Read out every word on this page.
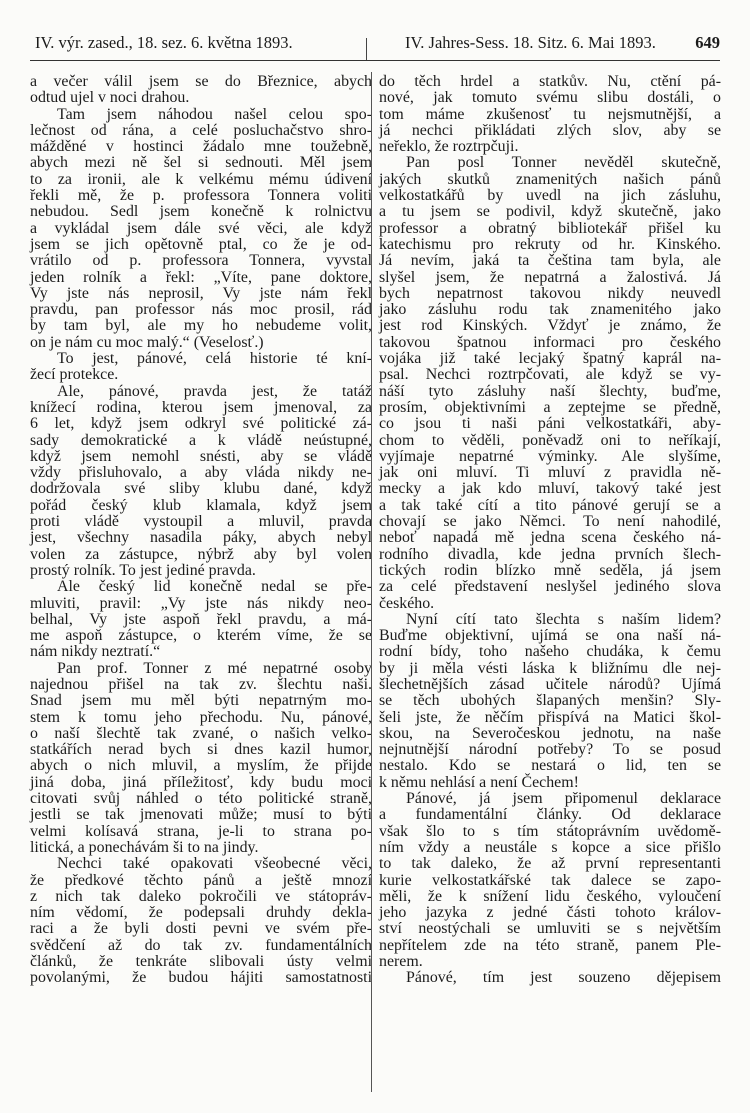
IV. výr. zased., 18. sez. 6. května 1893.	IV. Jahres-Sess. 18. Sitz. 6. Mai 1893. 649
a večer válil jsem se do Březnice, abych
odtud ujel v noci drahou.
Tam jsem náhodou našel celou spo-
lečnost od rána, a celé posluchačstvo shro-
mážděné v hostinci žádalo mne toužebně,
abych mezi ně šel si sednouti. Měl jsem
to za ironii, ale k velkému mému údivení
řekli mě, že p. professora Tonnera voliti
nebudou. Sedl jsem konečně k rolnictvu
a vykládal jsem dále své věci, ale když
jsem se jich opětovně ptal, co že je od-
vrátilo od p. professora Tonnera, vyvstal
jeden rolník a řekl: „Víte, pane doktore,
Vy jste nás neprosil, Vy jste nám řekl
pravdu, pan professor nás moc prosil, rád
by tam byl, ale my ho nebudeme volit,
on je nám cu moc malý.“ (Veselosť.)
To jest, pánové, celá historie té kní-
žecí protekce.
Ale, pánové, pravda jest, že tatáž
knížecí rodina, kterou jsem jmenoval, za
6 let, když jsem odkryl své politické zá-
sady demokratické a k vládě neústupné,
když jsem nemohl snésti, aby se vládě
vždy přisluhovalo, a aby vláda nikdy ne-
dodržovala své sliby klubu dané, když
pořád český klub klamala, když jsem
proti vládě vystoupil a mluvil, pravda
jest, všechny nasadila páky, abych nebyl
volen za zástupce, nýbrž aby byl volen
prostý rolník. To jest jediné pravda.
Ale český lid konečně nedal se pře-
mluviti, pravil: „Vy jste nás nikdy neo-
belhal, Vy jste aspoň řekl pravdu, a má-
me aspoň zástupce, o kterém víme, že se
nám nikdy neztratí.“
Pan prof. Tonner z mé nepatrné osoby
najednou přišel na tak zv. šlechtu naši.
Snad jsem mu měl býti nepatrným mo-
stem k tomu jeho přechodu. Nu, pánové,
o naší šlechtě tak zvané, o našich velko-
statkářích nerad bych si dnes kazil humor,
abych o nich mluvil, a myslím, že přijde
jiná doba, jiná příležitosť, kdy budu moci
citovati svůj náhled o této politické straně,
jestli se tak jmenovati může; musí to býti
velmi kolísavá strana, je-li to strana po-
litická, a ponechávám ši to na jindy.
Nechci také opakovati všeobecné věci,
že předkové těchto pánů a ještě mnozí
z nich tak daleko pokročili ve státopráv-
ním vědomí, že podepsali druhdy dekla-
raci a že byli dosti pevni ve svém pře-
svědčení až do tak zv. fundamentálních
článků, že tenkráte slibovali ústy velmi
povolanými, že budou hájiti samostatnosti
do těch hrdel a statkův. Nu, ctění pá-
nové, jak tomuto svému slibu dostáli, o
tom máme zkušenosť tu nejsmutnější, a
já nechci přikládati zlých slov, aby se
neřeklo, že roztrpčuji.
Pan posl Tonner nevěděl skutečně,
jakých skutků znamenitých našich pánů
velkostatkářů by uvedl na jich zásluhu,
a tu jsem se podivil, když skutečně, jako
professor a obratný bibliotekář přišel ku
katechismu pro rekruty od hr. Kinského.
Já nevím, jaká ta čeština tam byla, ale
slyšel jsem, že nepatrná a žalostivá. Já
bych nepatrnost takovou nikdy neuvedl
jako zásluhu rodu tak znamenitého jako
jest rod Kinských. Vždyť je známo, že
takovou špatnou informaci pro českého
vojáka již také lecjaký špatný kaprál na-
psal. Nechci roztrpčovati, ale když se vy-
náší tyto zásluhy naší šlechty, buďme,
prosím, objektivními a zeptejme se předně,
co jsou ti naši páni velkostatkáři, aby-
chom to věděli, poněvadž oni to neříkají,
vyjímaje nepatrné výminky. Ale slyšíme,
jak oni mluví. Ti mluví z pravidla ně-
mecky a jak kdo mluví, takový také jest
a tak také cítí a tito pánové gerují se a
chovají se jako Němci. To není nahodilé,
neboť napadá mě jedna scena českého ná-
rodního divadla, kde jedna prvních šlech-
tických rodin blízko mně seděla, já jsem
za celé představení neslyšel jediného slova
českého.
Nyní cítí tato šlechta s naším lidem?
Buďme objektivní, ujímá se ona naší ná-
rodní bídy, toho našeho chudáka, k čemu
by ji měla vésti láska k bližnímu dle nej-
šlechetnějších zásad učitele národů? Ujímá
se těch ubohých šlapaných menšin? Sly-
šeli jste, že něčím přispívá na Matici škol-
skou, na Severočeskou jednotu, na naše
nejnutnější národní potřeby? To se posud
nestalo. Kdo se nestará o lid, ten se
k němu nehlásí a není Čechem!
Pánové, já jsem připomenul deklarace
a fundamentální články. Od deklarace
však šlo to s tím státoprávním uvědomě-
ním vždy a neustále s kopce a sice přišlo
to tak daleko, že až první representanti
kurie velkostatkářské tak dalece se zapo-
měli, že k snížení lidu českého, vyloučení
jeho jazyka z jedné části tohoto králov-
ství neostýchali se umluviti se s největším
nepřítelem zde na této straně, panem Ple-
nerem.
Pánové, tím jest souzeno dějepisem
